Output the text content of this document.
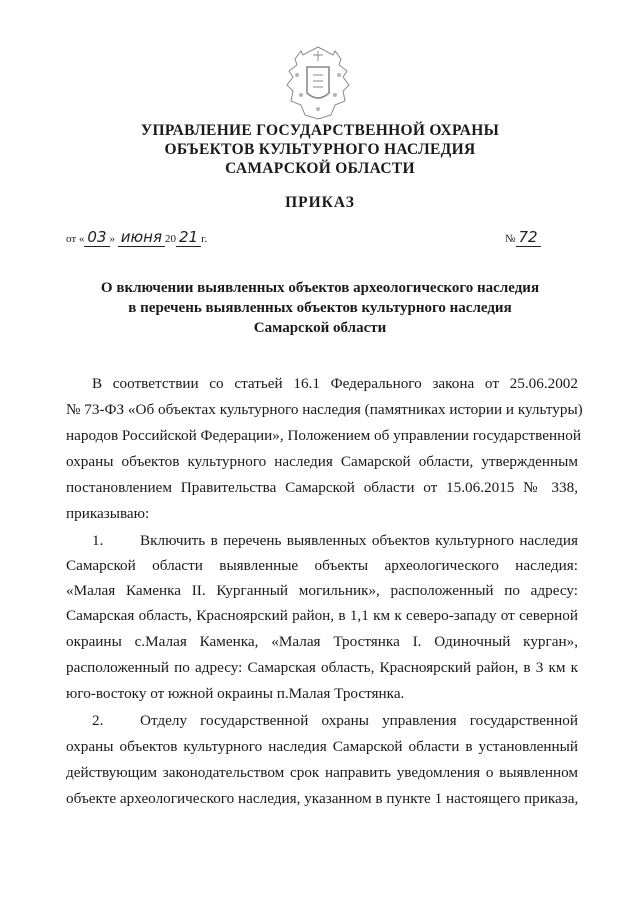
УПРАВЛЕНИЕ ГОСУДАРСТВЕННОЙ ОХРАНЫ
ОБЪЕКТОВ КУЛЬТУРНОГО НАСЛЕДИЯ
САМАРСКОЙ ОБЛАСТИ
ПРИКАЗ
от « 03 » июня 20 21 г.	№ 72
О включении выявленных объектов археологического наследия
в перечень выявленных объектов культурного наследия
Самарской области
В соответствии со статьей 16.1 Федерального закона от 25.06.2002
№ 73-ФЗ «Об объектах культурного наследия (памятниках истории и культуры)
народов Российской Федерации», Положением об управлении государственной
охраны объектов культурного наследия Самарской области, утвержденным
постановлением Правительства Самарской области от 15.06.2015 № 338,
приказываю:
1. Включить в перечень выявленных объектов культурного наследия
Самарской области выявленные объекты археологического наследия:
«Малая Каменка II. Курганный могильник», расположенный по адресу:
Самарская область, Красноярский район, в 1,1 км к северо-западу от северной
окраины с.Малая Каменка, «Малая Тростянка I. Одиночный курган»,
расположенный по адресу: Самарская область, Красноярский район, в 3 км к
юго-востоку от южной окраины п.Малая Тростянка.
2. Отделу государственной охраны управления государственной
охраны объектов культурного наследия Самарской области в установленный
действующим законодательством срок направить уведомления о выявленном
объекте археологического наследия, указанном в пункте 1 настоящего приказа,
